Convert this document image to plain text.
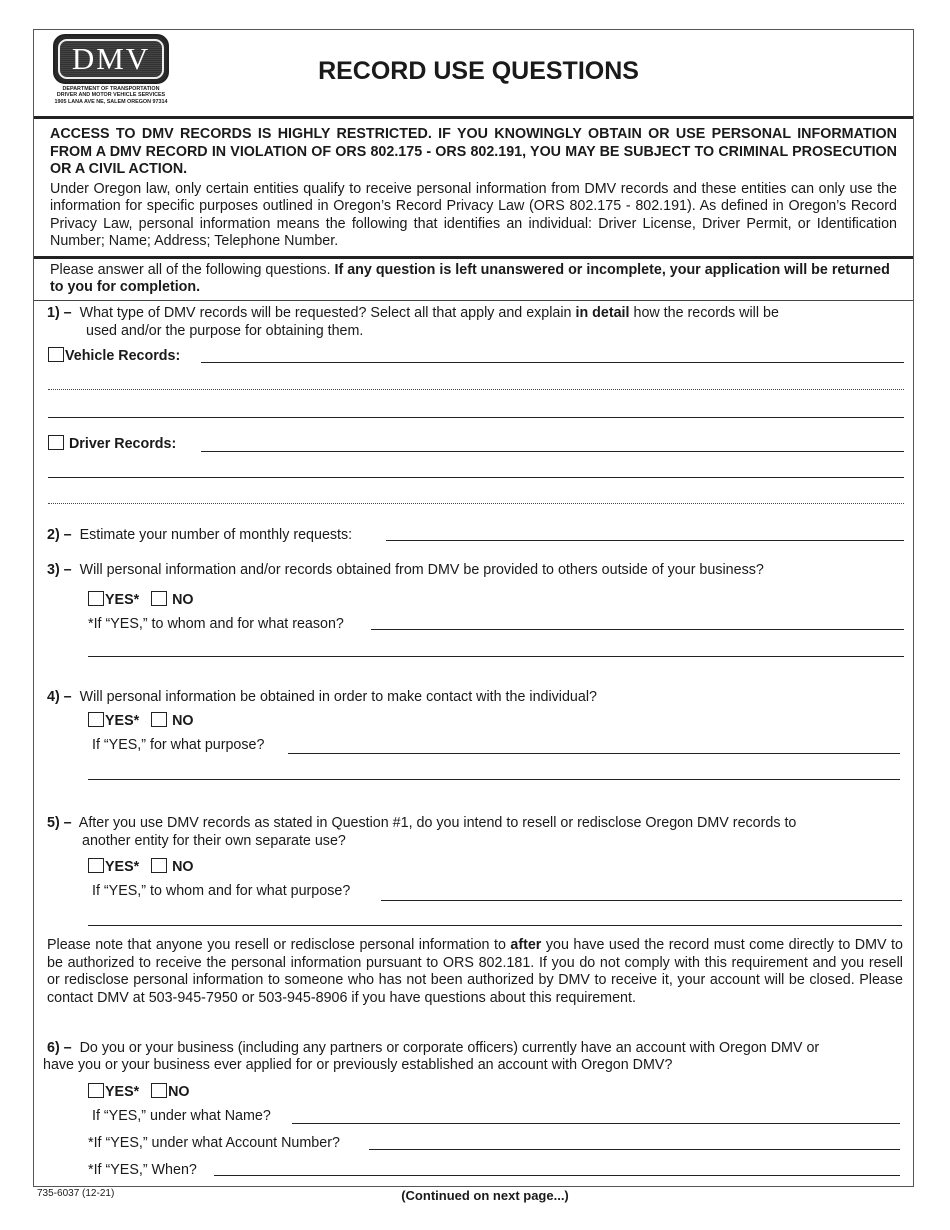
DMV
DEPARTMENT OF TRANSPORTATION
DRIVER AND MOTOR VEHICLE SERVICES
1905 LANA AVE NE, SALEM OREGON 97314
RECORD USE QUESTIONS

ACCESS TO DMV RECORDS IS HIGHLY RESTRICTED. IF YOU KNOWINGLY OBTAIN OR USE PERSONAL INFORMATION FROM A DMV RECORD IN VIOLATION OF ORS 802.175 - ORS 802.191, YOU MAY BE SUBJECT TO CRIMINAL PROSECUTION OR A CIVIL ACTION.

Under Oregon law, only certain entities qualify to receive personal information from DMV records and these entities can only use the information for specific purposes outlined in Oregon’s Record Privacy Law (ORS 802.175 - 802.191). As defined in Oregon’s Record Privacy Law, personal information means the following that identifies an individual: Driver License, Driver Permit, or Identification Number; Name; Address; Telephone Number.

Please answer all of the following questions. If any question is left unanswered or incomplete, your application will be returned to you for completion.
1) – What type of DMV records will be requested? Select all that apply and explain in detail how the records will be
used and/or the purpose for obtaining them.
Vehicle Records:
Driver Records:
2) – Estimate your number of monthly requests:
3) – Will personal information and/or records obtained from DMV be provided to others outside of your business?
YES* NO
*If “YES,” to whom and for what reason?
4) – Will personal information be obtained in order to make contact with the individual?
YES* NO
If “YES,” for what purpose?
5) – After you use DMV records as stated in Question #1, do you intend to resell or redisclose Oregon DMV records to
another entity for their own separate use?
YES* NO
If “YES,” to whom and for what purpose?
Please note that anyone you resell or redisclose personal information to after you have used the record must come directly to DMV to be authorized to receive the personal information pursuant to ORS 802.181. If you do not comply with this requirement and you resell or redisclose personal information to someone who has not been authorized by DMV to receive it, your account will be closed. Please contact DMV at 503-945-7950 or 503-945-8906 if you have questions about this requirement.
6) – Do you or your business (including any partners or corporate officers) currently have an account with Oregon DMV or
have you or your business ever applied for or previously established an account with Oregon DMV?
YES* NO
If “YES,” under what Name?
*If “YES,” under what Account Number?
*If “YES,” When?
735-6037 (12-21)	(Continued on next page...)
